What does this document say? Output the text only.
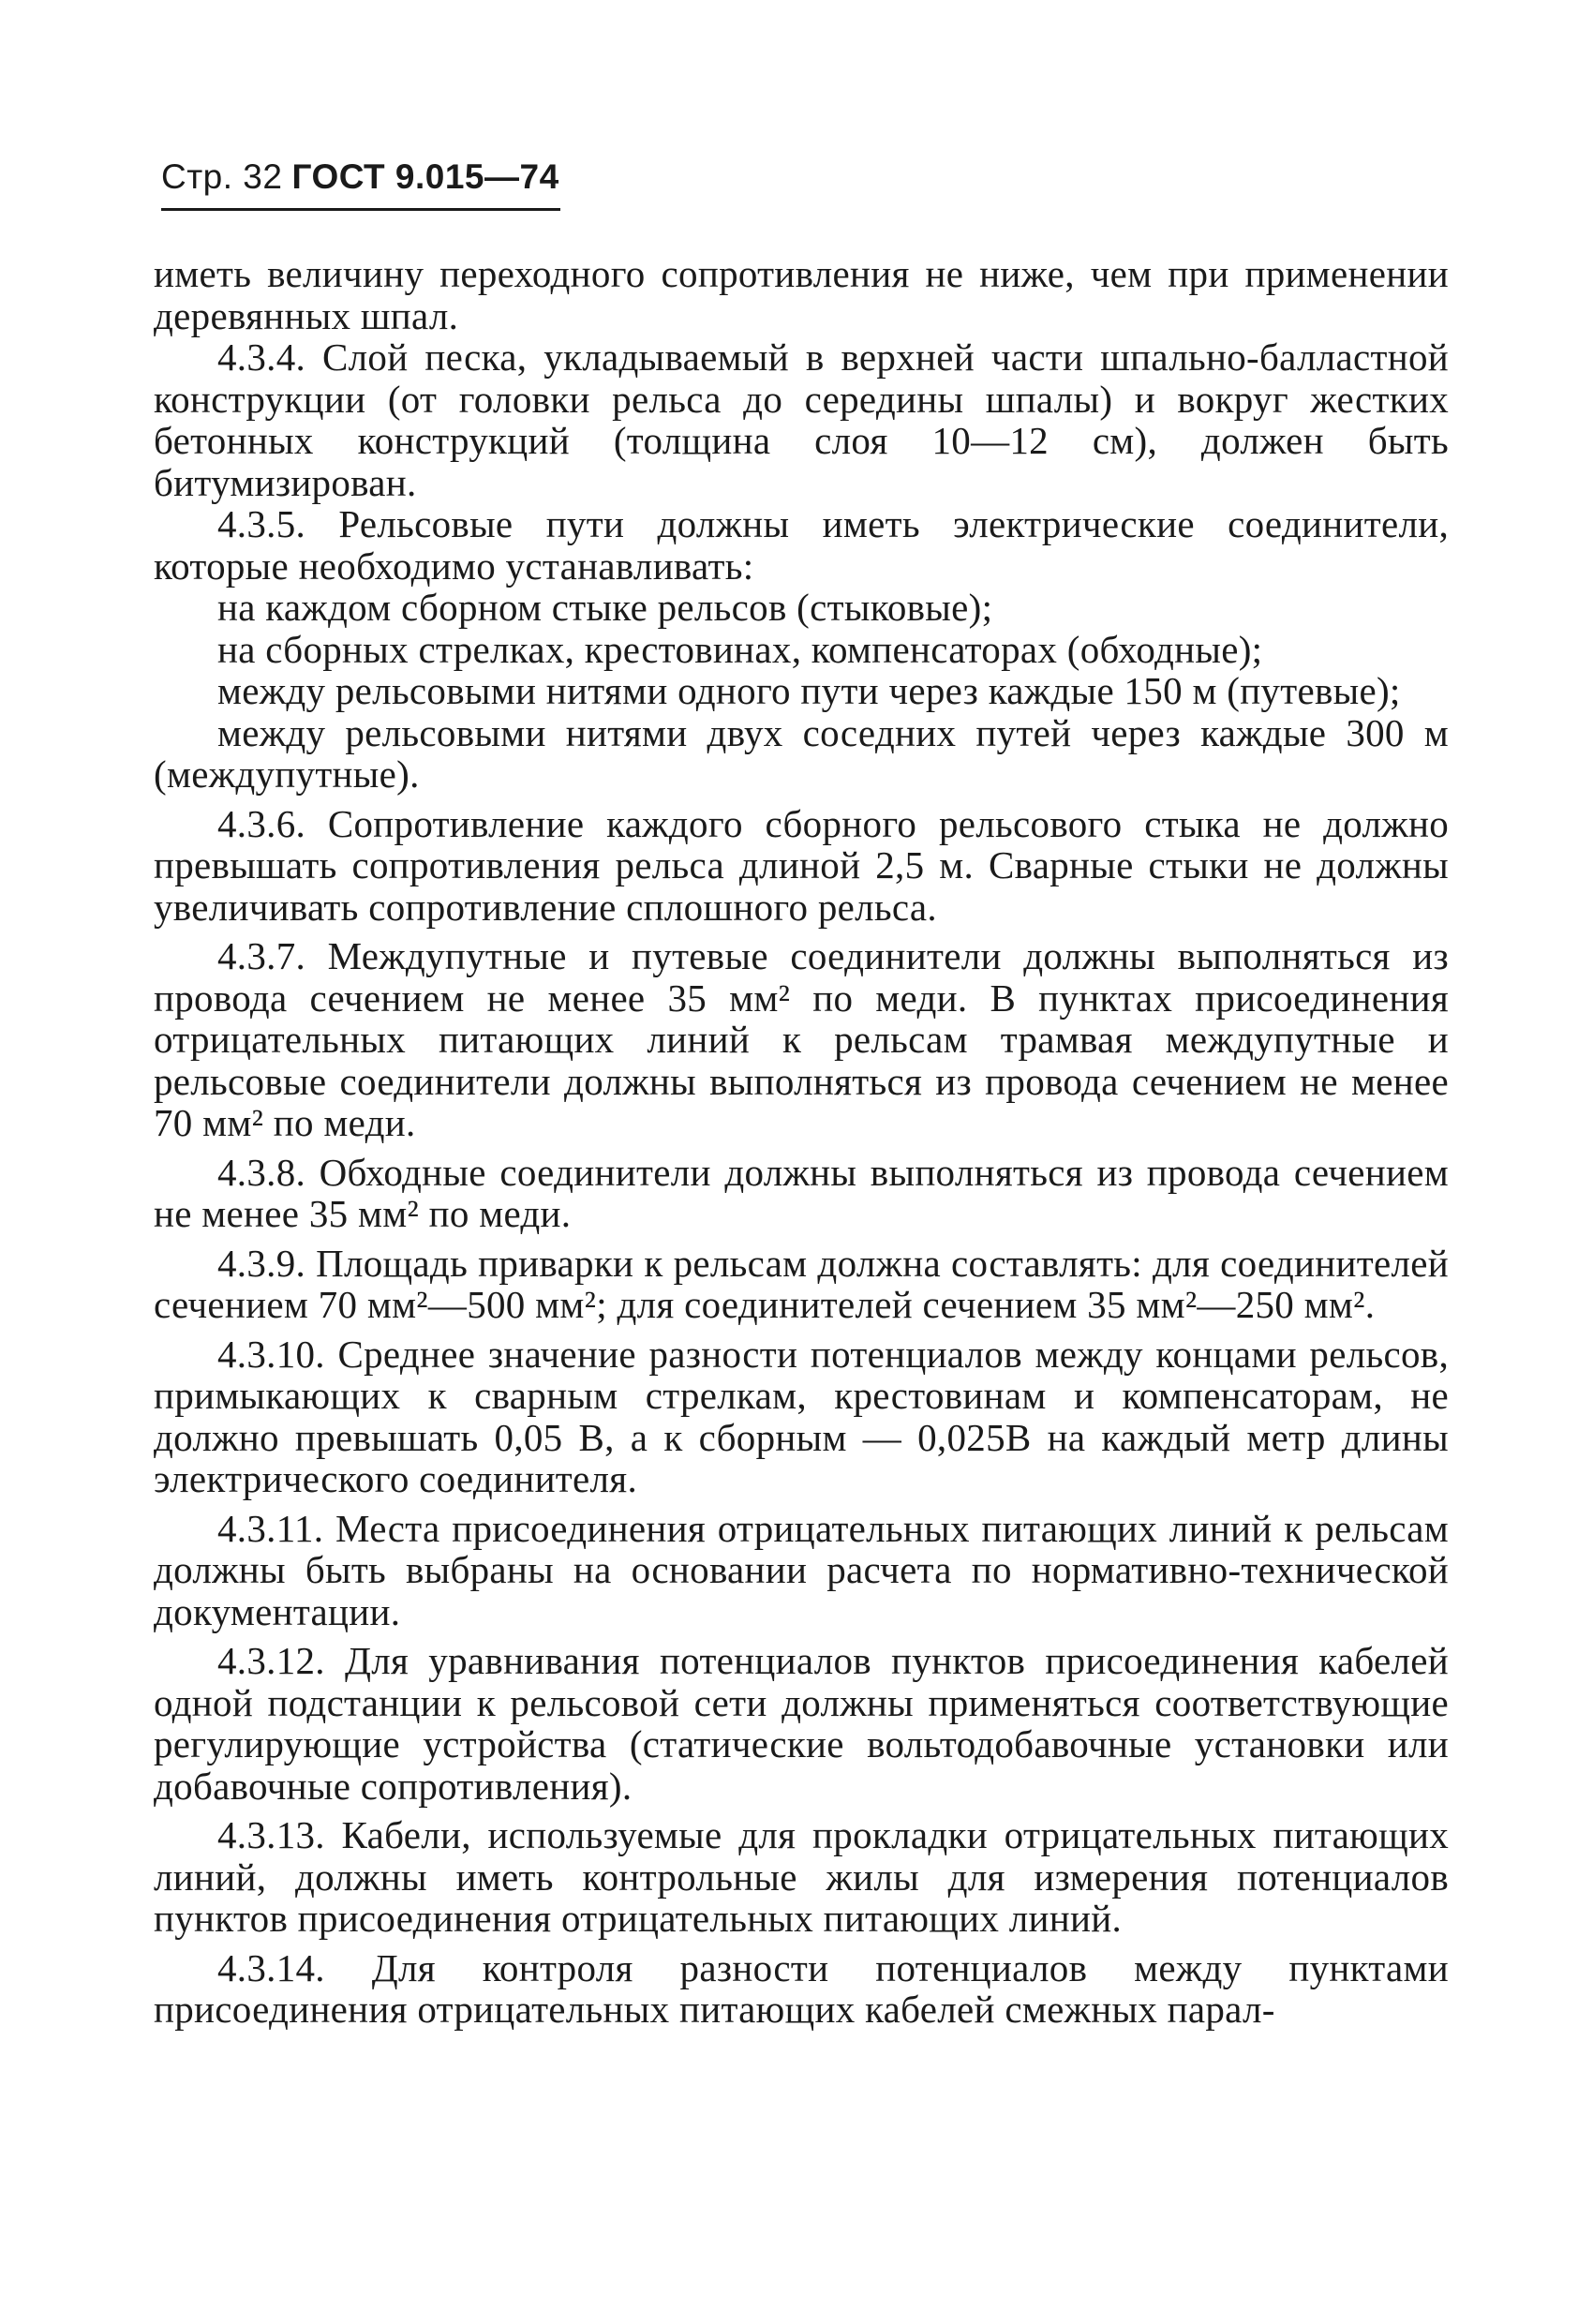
Стр. 32 ГОСТ 9.015—74

иметь величину переходного сопротивления не ниже, чем при применении деревянных шпал.

4.3.4. Слой песка, укладываемый в верхней части шпально-балластной конструкции (от головки рельса до середины шпалы) и вокруг жестких бетонных конструкций (толщина слоя 10—12 см), должен быть битумизирован.

4.3.5. Рельсовые пути должны иметь электрические соединители, которые необходимо устанавливать:

на каждом сборном стыке рельсов (стыковые);

на сборных стрелках, крестовинах, компенсаторах (обходные);

между рельсовыми нитями одного пути через каждые 150 м (путевые);

между рельсовыми нитями двух соседних путей через каждые 300 м (междупутные).

4.3.6. Сопротивление каждого сборного рельсового стыка не должно превышать сопротивления рельса длиной 2,5 м. Сварные стыки не должны увеличивать сопротивление сплошного рельса.

4.3.7. Междупутные и путевые соединители должны выполняться из провода сечением не менее 35 мм² по меди. В пунктах присоединения отрицательных питающих линий к рельсам трамвая междупутные и рельсовые соединители должны выполняться из провода сечением не менее 70 мм² по меди.

4.3.8. Обходные соединители должны выполняться из провода сечением не менее 35 мм² по меди.

4.3.9. Площадь приварки к рельсам должна составлять: для соединителей сечением 70 мм²—500 мм²; для соединителей сечением 35 мм²—250 мм².

4.3.10. Среднее значение разности потенциалов между концами рельсов, примыкающих к сварным стрелкам, крестовинам и компенсаторам, не должно превышать 0,05 В, а к сборным — 0,025В на каждый метр длины электрического соединителя.

4.3.11. Места присоединения отрицательных питающих линий к рельсам должны быть выбраны на основании расчета по нормативно-технической документации.

4.3.12. Для уравнивания потенциалов пунктов присоединения кабелей одной подстанции к рельсовой сети должны применяться соответствующие регулирующие устройства (статические вольтодобавочные установки или добавочные сопротивления).

4.3.13. Кабели, используемые для прокладки отрицательных питающих линий, должны иметь контрольные жилы для измерения потенциалов пунктов присоединения отрицательных питающих линий.

4.3.14. Для контроля разности потенциалов между пунктами присоединения отрицательных питающих кабелей смежных парал-
